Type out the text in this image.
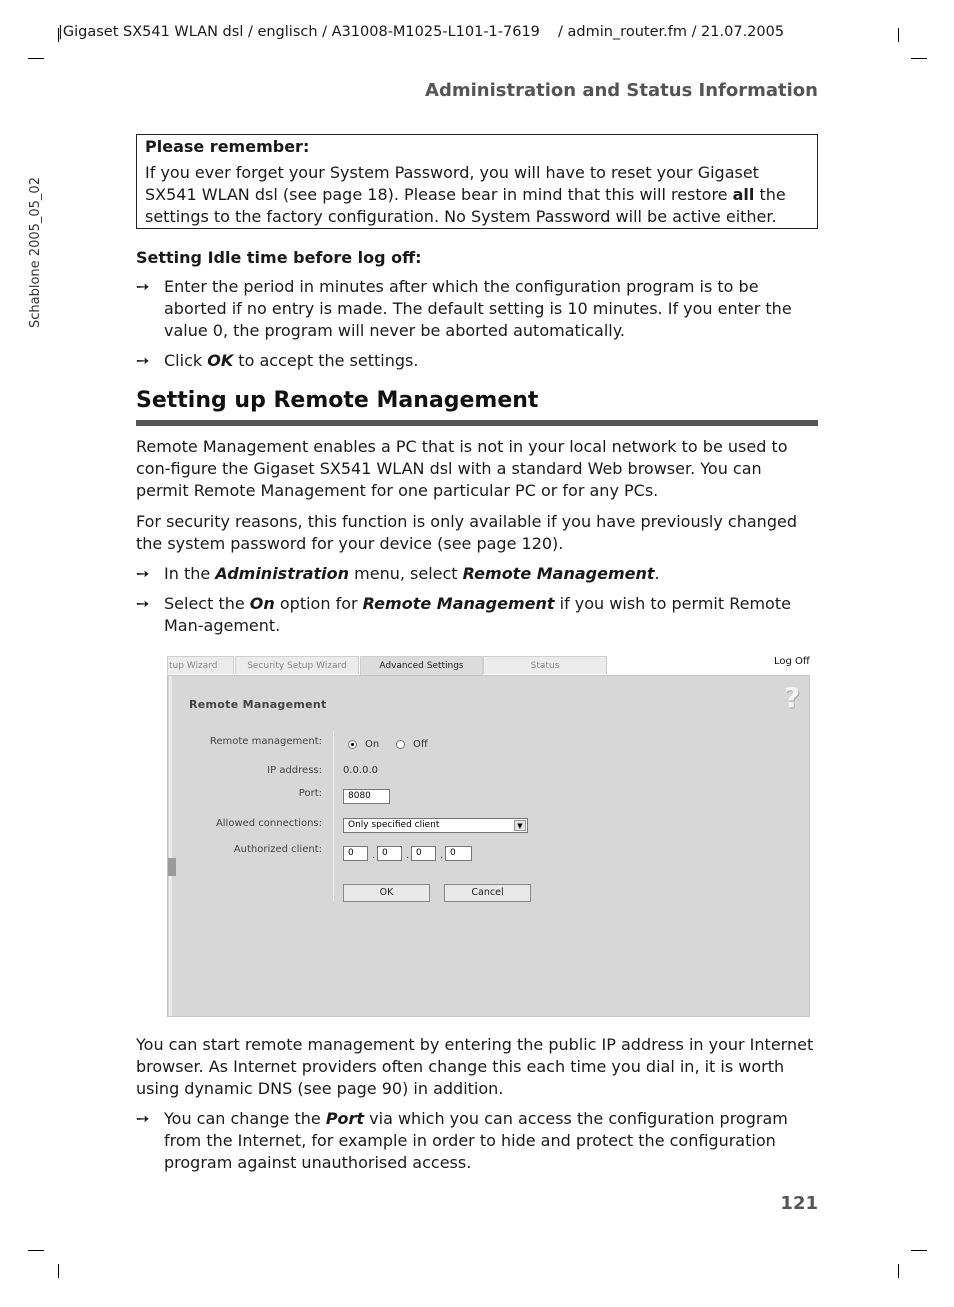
|Gigaset SX541 WLAN dsl / englisch / A31008-M1025-L101-1-7619 / admin_router.fm / 21.07.2005
Administration and Status Information
Schablone 2005_05_02
Please remember:
If you ever forget your System Password, you will have to reset your Gigaset SX541 WLAN dsl (see page 18). Please bear in mind that this will restore all the settings to the factory configuration. No System Password will be active either.
Setting Idle time before log off:
➙ Enter the period in minutes after which the configuration program is to be aborted if no entry is made. The default setting is 10 minutes. If you enter the value 0, the program will never be aborted automatically.
➙ Click OK to accept the settings.
Setting up Remote Management
Remote Management enables a PC that is not in your local network to be used to con-figure the Gigaset SX541 WLAN dsl with a standard Web browser. You can permit Remote Management for one particular PC or for any PCs.
For security reasons, this function is only available if you have previously changed the system password for your device (see page 120).
➙ In the Administration menu, select Remote Management.
➙ Select the On option for Remote Management if you wish to permit Remote Man-agement.
tup Wizard	Security Setup Wizard	Advanced Settings	Status	Log Off
?
Remote Management
Remote management:	On	Off
IP address: 0.0.0.0
Port:	8080
Allowed connections:	Only specified client	▼
Authorized client:	0	. 0	. 0	. 0
OK	Cancel
You can start remote management by entering the public IP address in your Internet browser. As Internet providers often change this each time you dial in, it is worth using dynamic DNS (see page 90) in addition.
➙ You can change the Port via which you can access the configuration program from the Internet, for example in order to hide and protect the configuration program against unauthorised access.
121
